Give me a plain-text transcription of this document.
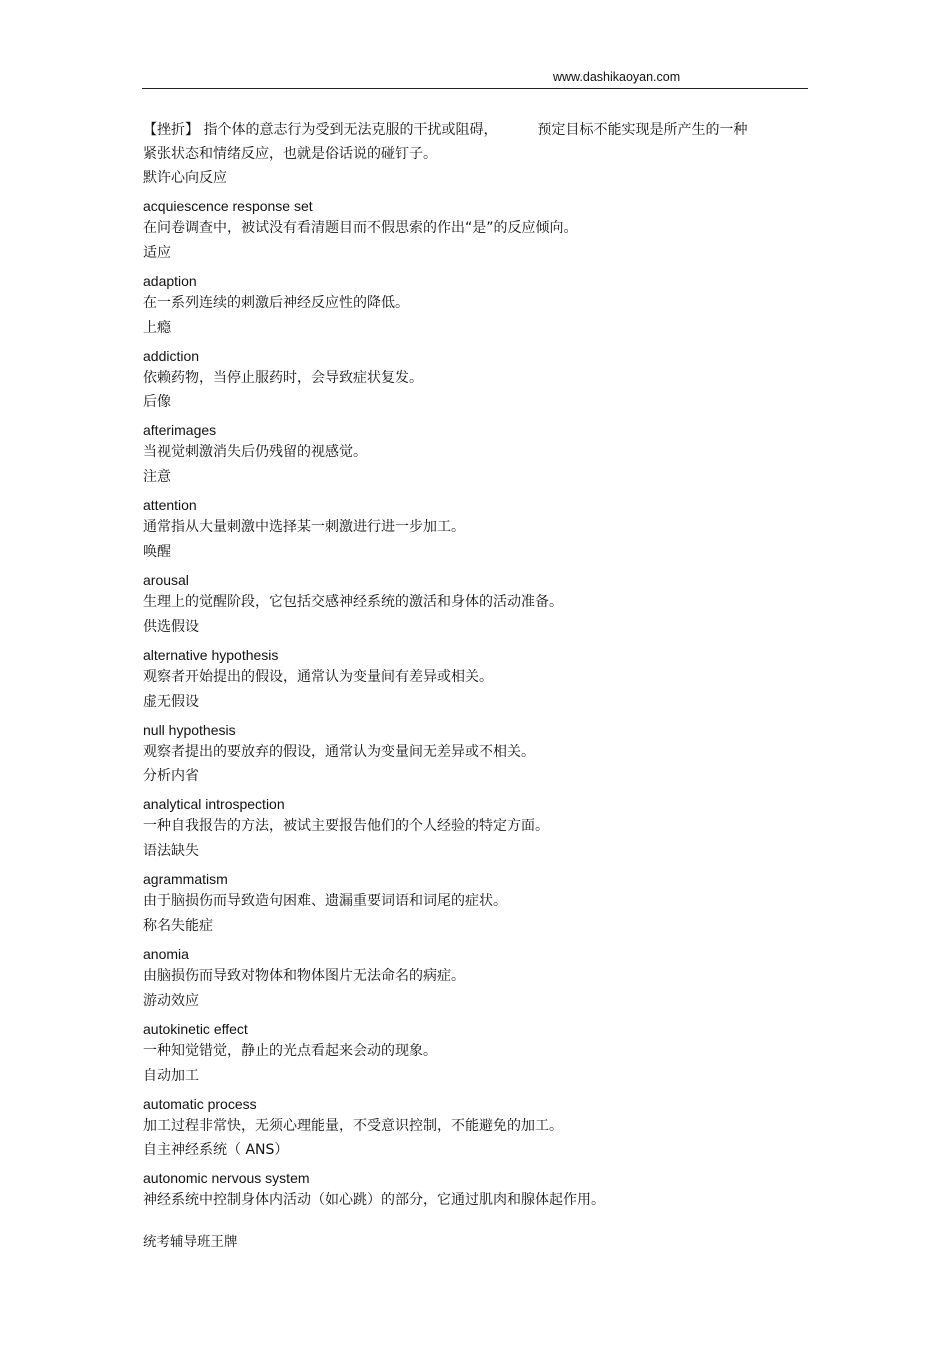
www.dashikaoyan.com
【挫折】 指个体的意志行为受到无法克服的干扰或阻碍，	预定目标不能实现是所产生的一种
紧张状态和情绪反应，也就是俗话说的碰钉子。
默许心向反应
acquiescence response set
在问卷调查中，被试没有看清题目而不假思索的作出“是”的反应倾向。
适应
adaption
在一系列连续的刺激后神经反应性的降低。
上瘾
addiction
依赖药物，当停止服药时，会导致症状复发。
后像
afterimages
当视觉刺激消失后仍残留的视感觉。
注意
attention
通常指从大量刺激中选择某一刺激进行进一步加工。
唤醒
arousal
生理上的觉醒阶段，它包括交感神经系统的激活和身体的活动准备。
供选假设
alternative hypothesis
观察者开始提出的假设，通常认为变量间有差异或相关。
虚无假设
null hypothesis
观察者提出的要放弃的假设，通常认为变量间无差异或不相关。
分析内省
analytical introspection
一种自我报告的方法，被试主要报告他们的个人经验的特定方面。
语法缺失
agrammatism
由于脑损伤而导致造句困难、遗漏重要词语和词尾的症状。
称名失能症
anomia
由脑损伤而导致对物体和物体图片无法命名的病症。
游动效应
autokinetic effect
一种知觉错觉，静止的光点看起来会动的现象。
自动加工
automatic process
加工过程非常快，无须心理能量，不受意识控制，不能避免的加工。
自主神经系统（ ANS）
autonomic nervous system
神经系统中控制身体内活动（如心跳）的部分，它通过肌肉和腺体起作用。
统考辅导班王牌
